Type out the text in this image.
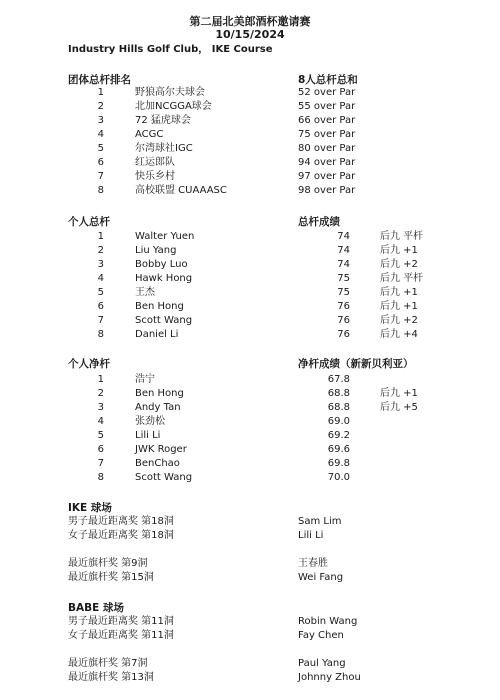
第二届北美郎酒杯邀请赛
10/15/2024
Industry Hills Golf Club， IKE Course
团体总杆排名	8人总杆总和
1	野狼高尔夫球会	52 over Par
2	北加NCGGA球会	55 over Par
3	72 猛虎球会	66 over Par
4	ACGC	75 over Par
5	尔湾球社IGC	80 over Par
6	红运郎队	94 over Par
7	快乐乡村	97 over Par
8	高校联盟 CUAAASC	98 over Par
个人总杆	总杆成绩
1	Walter Yuen	74	后九 平杆
2	Liu Yang	74	后九 +1
3	Bobby Luo	74	后九 +2
4	Hawk Hong	75	后九 平杆
5	王杰	75	后九 +1
6	Ben Hong	76	后九 +1
7	Scott Wang	76	后九 +2
8	Daniel Li	76	后九 +4
个人净杆	净杆成绩（新新贝利亚）
1	浩宁	67.8
2	Ben Hong	68.8	后九 +1
3	Andy Tan	68.8	后九 +5
4	张劲松	69.0
5	Lili Li	69.2
6	JWK Roger	69.6
7	BenChao	69.8
8	Scott Wang	70.0
IKE 球场
男子最近距离奖 第18洞	Sam Lim
女子最近距离奖 第18洞	Lili Li
最近旗杆奖 第9洞	王春胜
最近旗杆奖 第15洞	Wei Fang
BABE 球场
男子最近距离奖 第11洞	Robin Wang
女子最近距离奖 第11洞	Fay Chen
最近旗杆奖 第7洞	Paul Yang
最近旗杆奖 第13洞	Johnny Zhou
